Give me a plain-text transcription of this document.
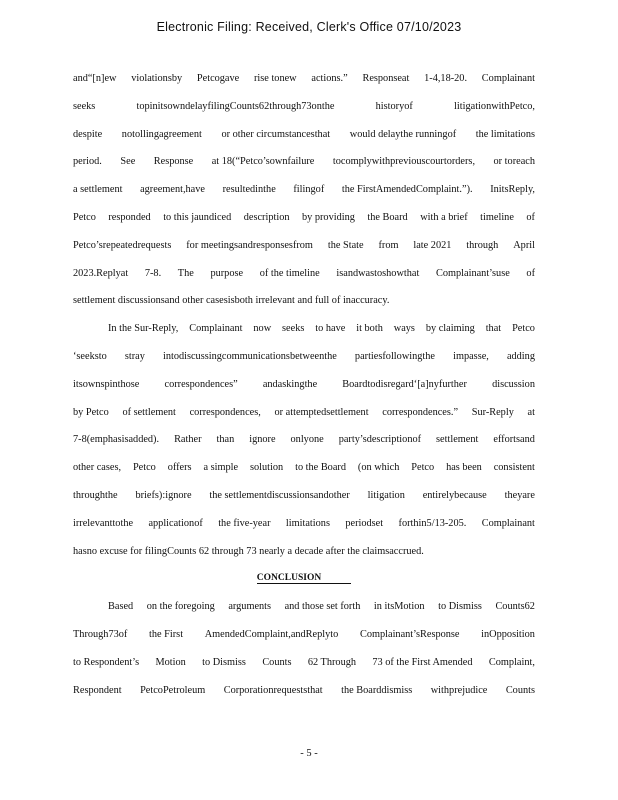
Electronic Filing: Received, Clerk's Office 07/10/2023
and“[n]ew violationsby Petcogave rise tonew actions.” Responseat 1-4,18-20. Complainant
seeks	topinitsowndelayfilingCounts62through73onthe	historyof	litigationwithPetco,
despite notollingagreement or other circumstancesthat would delaythe runningof the limitations
period. See Response at 18(“Petco’sownfailure tocomplywithpreviouscourtorders, or toreach
a settlement agreement,have resultedinthe filingof the FirstAmendedComplaint.”). InitsReply,
Petco responded to this jaundiced description by providing the Board with a brief timeline of
Petco’srepeatedrequests for meetingsandresponsesfrom the State from late 2021 through April
2023.Replyat 7-8. The purpose of the timeline isandwastoshowthat Complainant’suse of
settlement discussionsand other casesisboth irrelevant and full of inaccuracy.
In the Sur-Reply, Complainant now seeks to have it both ways by claiming that Petco
‘seeksto stray intodiscussingcommunicationsbetweenthe partiesfollowingthe impasse, adding
itsownspinthose correspondences” andaskingthe Boardtodisregard‘[a]nyfurther discussion
by Petco of settlement correspondences, or attemptedsettlement correspondences.” Sur-Reply at
7-8(emphasisadded). Rather than ignore onlyone party’sdescriptionof settlement effortsand
other cases, Petco offers a simple solution to the Board (on which Petco has been consistent
throughthe briefs):ignore the settlementdiscussionsandother litigation entirelybecause theyare
irrelevanttothe applicationof the five-year limitations periodset forthin5/13-205. Complainant
hasno excuse for filingCounts 62 through 73 nearly a decade after the claimsaccrued.
CONCLUSION
Based on the foregoing arguments and those set forth in itsMotion to Dismiss Counts62
Through73of the First AmendedComplaint,andReplyto Complainant’sResponse inOpposition
to Respondent’s Motion to Dismiss Counts 62 Through 73 of the First Amended Complaint,
Respondent PetcoPetroleum Corporationrequeststhat the Boarddismiss withprejudice Counts
- 5 -
